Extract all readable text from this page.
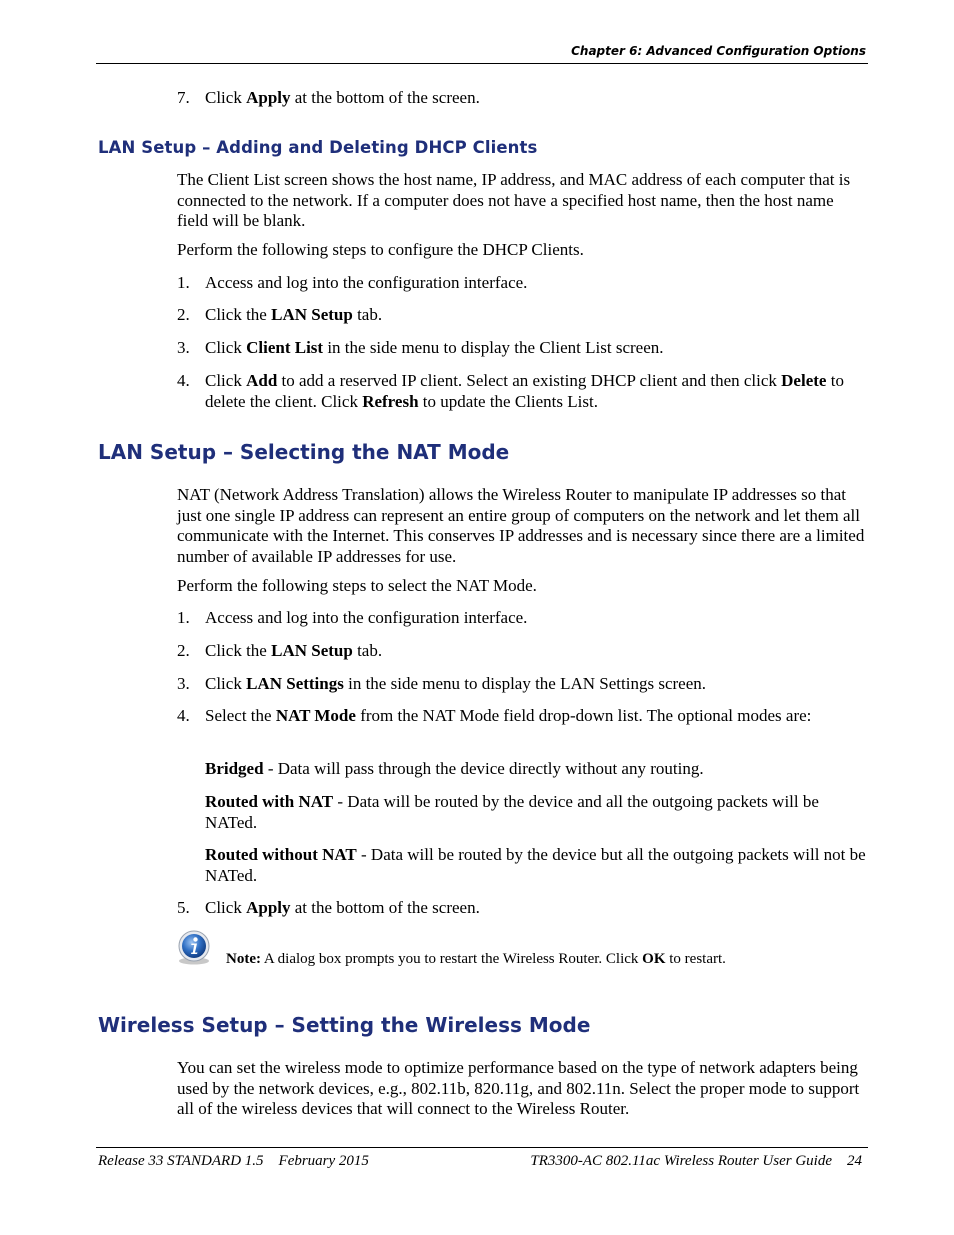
Chapter 6: Advanced Configuration Options
7. Click Apply at the bottom of the screen.
LAN Setup – Adding and Deleting DHCP Clients
The Client List screen shows the host name, IP address, and MAC address of each computer that is connected to the network. If a computer does not have a specified host name, then the host name field will be blank.
Perform the following steps to configure the DHCP Clients.
1. Access and log into the configuration interface.
2. Click the LAN Setup tab.
3. Click Client List in the side menu to display the Client List screen.
4. Click Add to add a reserved IP client. Select an existing DHCP client and then click Delete to delete the client. Click Refresh to update the Clients List.
LAN Setup – Selecting the NAT Mode
NAT (Network Address Translation) allows the Wireless Router to manipulate IP addresses so that just one single IP address can represent an entire group of computers on the network and let them all communicate with the Internet. This conserves IP addresses and is necessary since there are a limited number of available IP addresses for use.
Perform the following steps to select the NAT Mode.
1. Access and log into the configuration interface.
2. Click the LAN Setup tab.
3. Click LAN Settings in the side menu to display the LAN Settings screen.
4. Select the NAT Mode from the NAT Mode field drop-down list. The optional modes are:
Bridged - Data will pass through the device directly without any routing.
Routed with NAT - Data will be routed by the device and all the outgoing packets will be NATed.
Routed without NAT - Data will be routed by the device but all the outgoing packets will not be NATed.
5. Click Apply at the bottom of the screen.
Note: A dialog box prompts you to restart the Wireless Router. Click OK to restart.
Wireless Setup – Setting the Wireless Mode
You can set the wireless mode to optimize performance based on the type of network adapters being used by the network devices, e.g., 802.11b, 820.11g, and 802.11n. Select the proper mode to support all of the wireless devices that will connect to the Wireless Router.
Release 33 STANDARD 1.5    February 2015	TR3300-AC 802.11ac Wireless Router User Guide    24
